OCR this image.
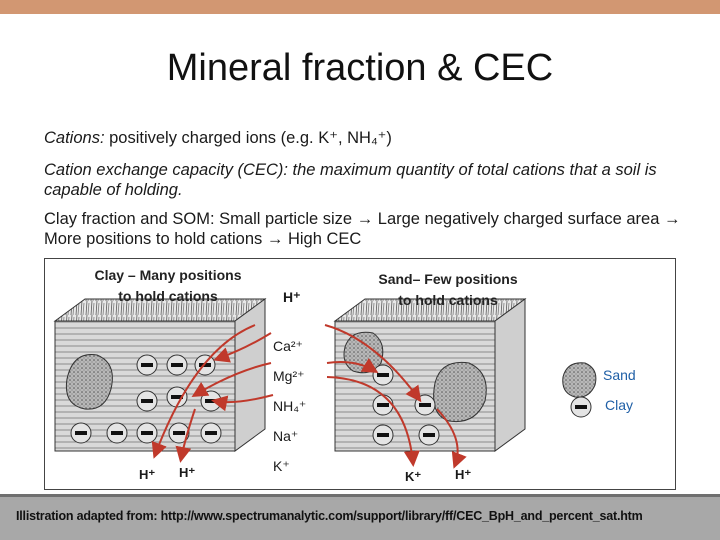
Mineral fraction & CEC
Cations: positively charged ions (e.g. K⁺, NH₄⁺)
Cation exchange capacity (CEC): the maximum quantity of total cations that a soil is capable of holding.
Clay fraction and SOM: Small particle size → Large negatively charged surface area → More positions to hold cations → High CEC
Clay – Many positions
to hold cations
Sand– Few positions
to hold cations
H⁺
Ca²⁺
Mg²⁺
NH₄⁺
Na⁺
K⁺
H⁺ H⁺	K⁺	H⁺
Sand
Clay
Illistration adapted from: http://www.spectrumanalytic.com/support/library/ff/CEC_BpH_and_percent_sat.htm
